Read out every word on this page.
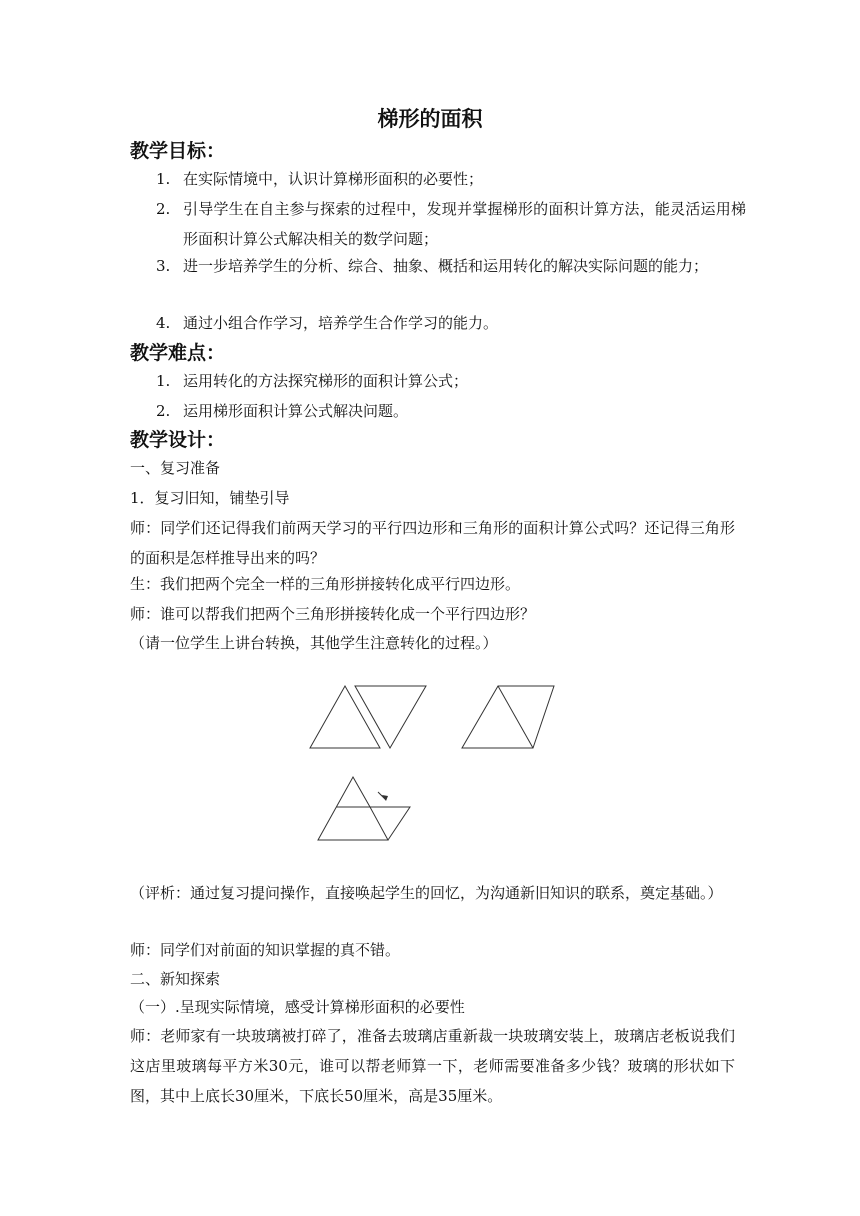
梯形的面积
教学目标：
1. 在实际情境中，认识计算梯形面积的必要性；
2. 引导学生在自主参与探索的过程中，发现并掌握梯形的面积计算方法，能灵活运用梯形面积计算公式解决相关的数学问题；
3. 进一步培养学生的分析、综合、抽象、概括和运用转化的解决实际问题的能力；
4. 通过小组合作学习，培养学生合作学习的能力。
教学难点：
1. 运用转化的方法探究梯形的面积计算公式；
2. 运用梯形面积计算公式解决问题。
教学设计：
一、复习准备
1．复习旧知，铺垫引导
师：同学们还记得我们前两天学习的平行四边形和三角形的面积计算公式吗？还记得三角形的面积是怎样推导出来的吗？
生：我们把两个完全一样的三角形拼接转化成平行四边形。
师：谁可以帮我们把两个三角形拼接转化成一个平行四边形？
（请一位学生上讲台转换，其他学生注意转化的过程。）
（评析：通过复习提问操作，直接唤起学生的回忆，为沟通新旧知识的联系，奠定基础。）
师：同学们对前面的知识掌握的真不错。
二、新知探索
（一）.呈现实际情境，感受计算梯形面积的必要性
师：老师家有一块玻璃被打碎了，准备去玻璃店重新裁一块玻璃安装上，玻璃店老板说我们这店里玻璃每平方米30元，谁可以帮老师算一下，老师需要准备多少钱？玻璃的形状如下图，其中上底长30厘米，下底长50厘米，高是35厘米。
